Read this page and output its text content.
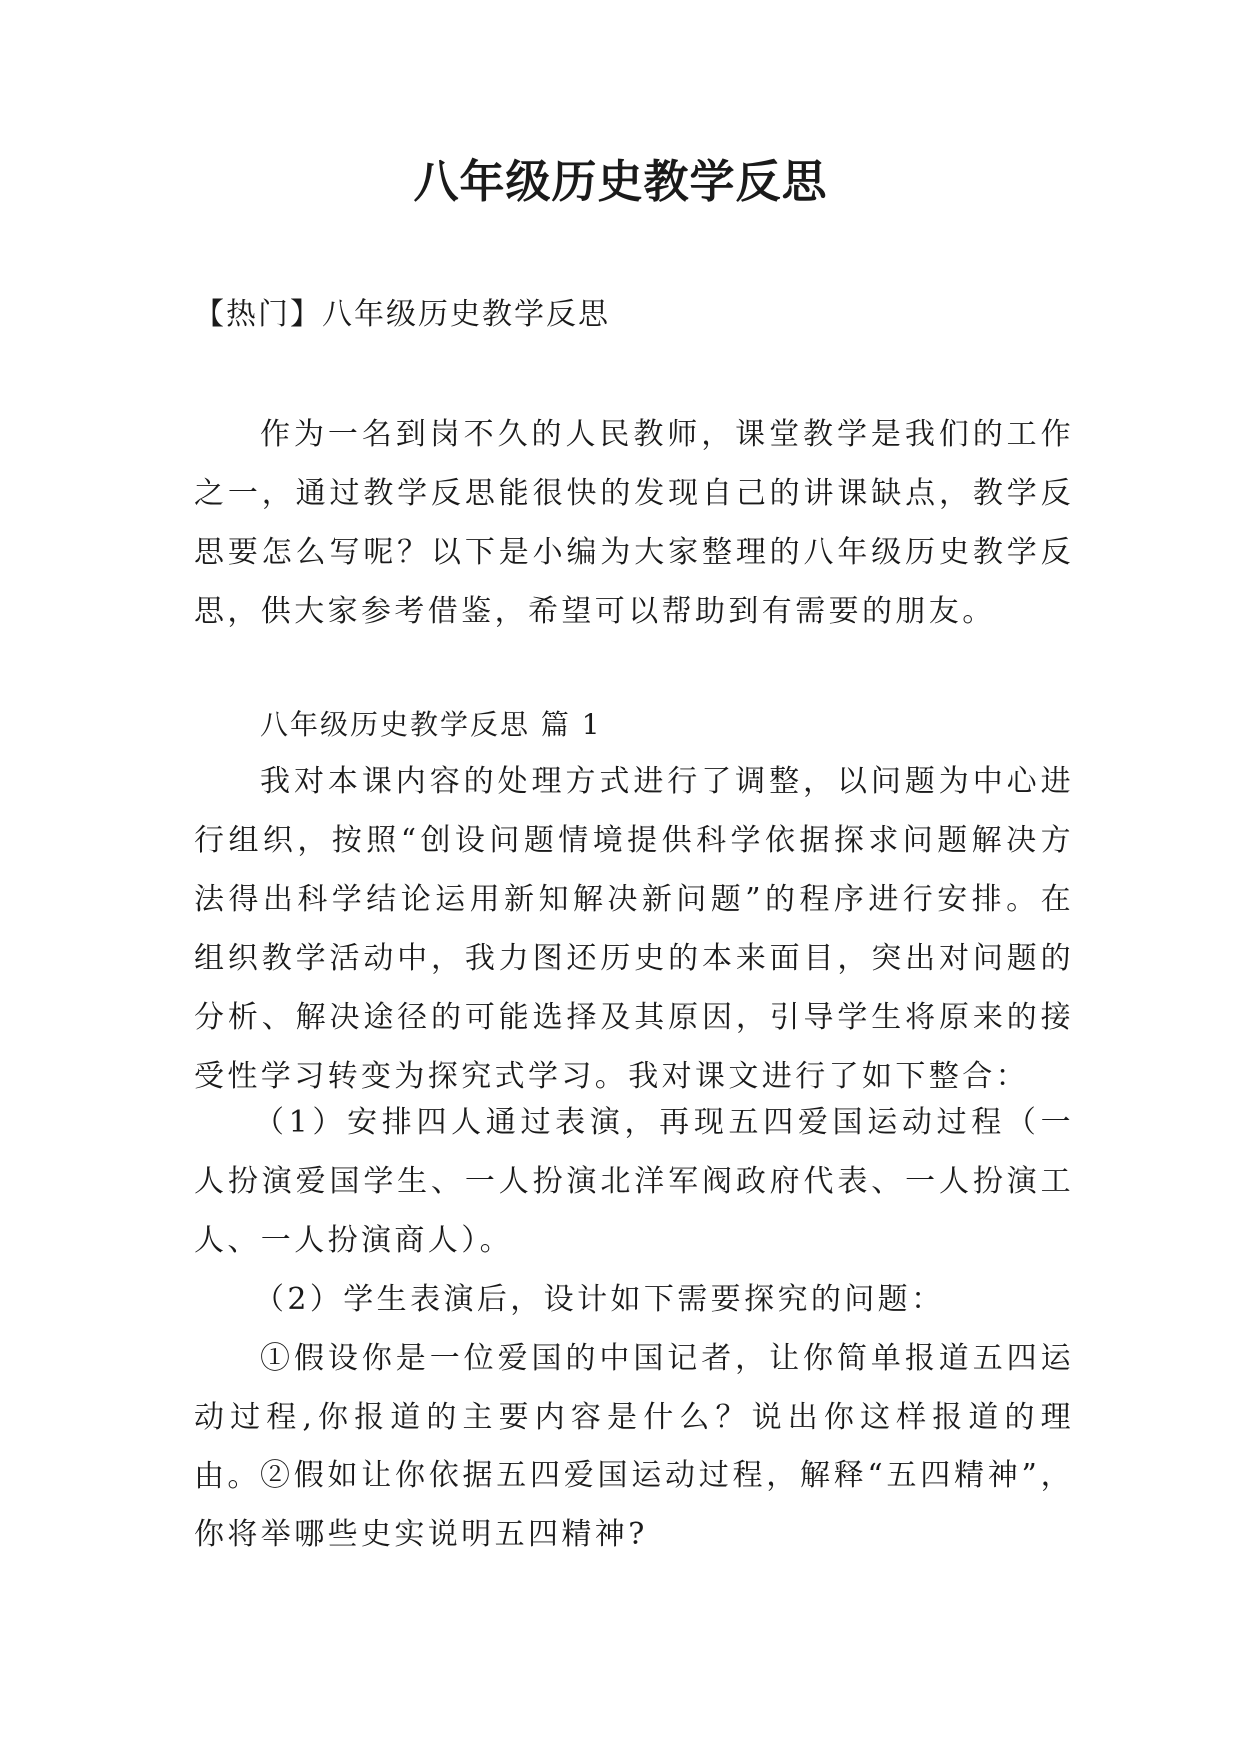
八年级历史教学反思

【热门】八年级历史教学反思

作为一名到岗不久的人民教师，课堂教学是我们的工作之一，通过教学反思能很快的发现自己的讲课缺点，教学反思要怎么写呢？以下是小编为大家整理的八年级历史教学反思，供大家参考借鉴，希望可以帮助到有需要的朋友。

八年级历史教学反思 篇 1

我对本课内容的处理方式进行了调整，以问题为中心进行组织，按照“创设问题情境提供科学依据探求问题解决方法得出科学结论运用新知解决新问题”的程序进行安排。在组织教学活动中，我力图还历史的本来面目，突出对问题的分析、解决途径的可能选择及其原因，引导学生将原来的接受性学习转变为探究式学习。我对课文进行了如下整合：

（1）安排四人通过表演，再现五四爱国运动过程（一人扮演爱国学生、一人扮演北洋军阀政府代表、一人扮演工人、一人扮演商人）。

（2）学生表演后，设计如下需要探究的问题：

①假设你是一位爱国的中国记者，让你简单报道五四运动过程,你报道的主要内容是什么？说出你这样报道的理由。 ②假如让你依据五四爱国运动过程，解释“五四精神”，你将举哪些史实说明五四精神?
